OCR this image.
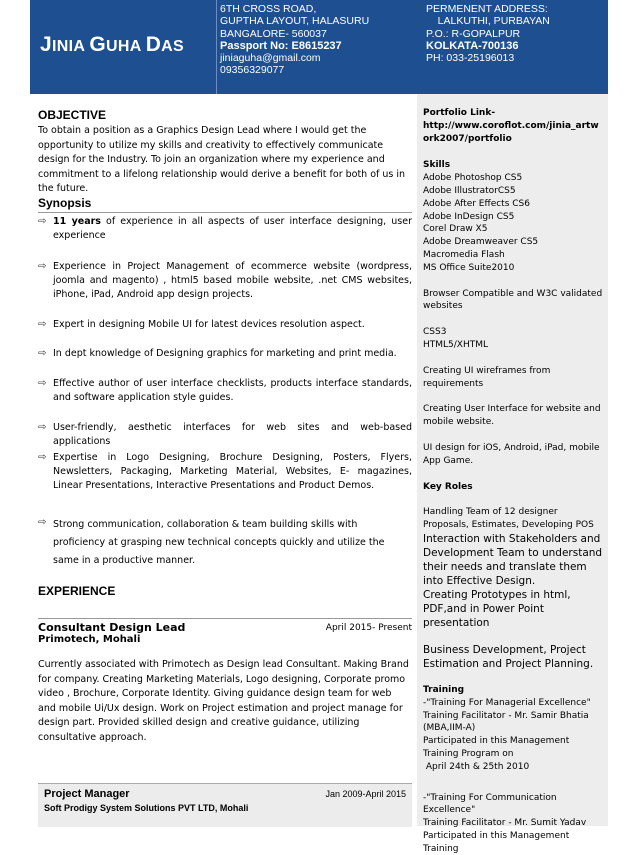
JINIA GUHA DAS
6TH CROSS ROAD,
GUPTHA LAYOUT, HALASURU
BANGALORE- 560037
Passport No: E8615237
jiniaguha@gmail.com
09356329077
PERMENENT ADDRESS:
LALKUTHI, PURBAYAN
P.O.: R-GOPALPUR
KOLKATA-700136
PH: 033-25196013

Portfolio Link-

http://www.coroflot.com/jinia_artwork2007/portfolio

Skills

Adobe Photoshop CS5

Adobe IllustratorCS5

Adobe After Effects CS6

Adobe InDesign CS5

Corel Draw X5

Adobe Dreamweaver CS5

Macromedia Flash

MS Office Suite2010

Browser Compatible and W3C validated websites

CSS3

HTML5/XHTML

Creating UI wireframes from requirements

Creating User Interface for website and mobile website.

UI design for iOS, Android, iPad, mobile App Game.

Key Roles

Handling Team of 12 designer

Proposals, Estimates, Developing POS

Interaction with Stakeholders and Development Team to understand their needs and translate them into Effective Design.

Creating Prototypes in html, PDF,and in Power Point presentation

Business Development, Project Estimation and Project Planning.

Training

-"Training For Managerial Excellence"

Training Facilitator - Mr. Samir Bhatia (MBA,IIM-A)

Participated in this Management Training Program on

April 24th & 25th 2010

-"Training For Communication Excellence"

Training Facilitator - Mr. Sumit Yadav

Participated in this Management Training

OBJECTIVE

To obtain a position as a Graphics Design Lead where I would get the opportunity to utilize my skills and creativity to effectively communicate design for the Industry. To join an organization where my experience and commitment to a lifelong relationship would derive a benefit for both of us in the future.

Synopsis
⇨ 11 years of experience in all aspects of user interface designing, user experience
⇨ Experience in Project Management of ecommerce website (wordpress, joomla and magento) , html5 based mobile website, .net CMS websites, iPhone, iPad, Android app design projects.
⇨ Expert in designing Mobile UI for latest devices resolution aspect.
⇨ In dept knowledge of Designing graphics for marketing and print media.
⇨ Effective author of user interface checklists, products interface standards, and software application style guides.
⇨ User-friendly, aesthetic interfaces for web sites and web-based applications
⇨ Expertise in Logo Designing, Brochure Designing, Posters, Flyers, Newsletters, Packaging, Marketing Material, Websites, E- magazines, Linear Presentations, Interactive Presentations and Product Demos.
⇨ Strong communication, collaboration & team building skills with proficiency at grasping new technical concepts quickly and utilize the same in a productive manner.
EXPERIENCE
Consultant Design Lead	April 2015- Present
Primotech, Mohali

Currently associated with Primotech as Design lead Consultant. Making Brand for company. Creating Marketing Materials, Logo designing, Corporate promo video , Brochure, Corporate Identity. Giving guidance design team for web and mobile Ui/Ux design. Work on Project estimation and project manage for design part. Provided skilled design and creative guidance, utilizing consultative approach.

Project Manager	Jan 2009-April 2015
Soft Prodigy System Solutions PVT LTD, Mohali
